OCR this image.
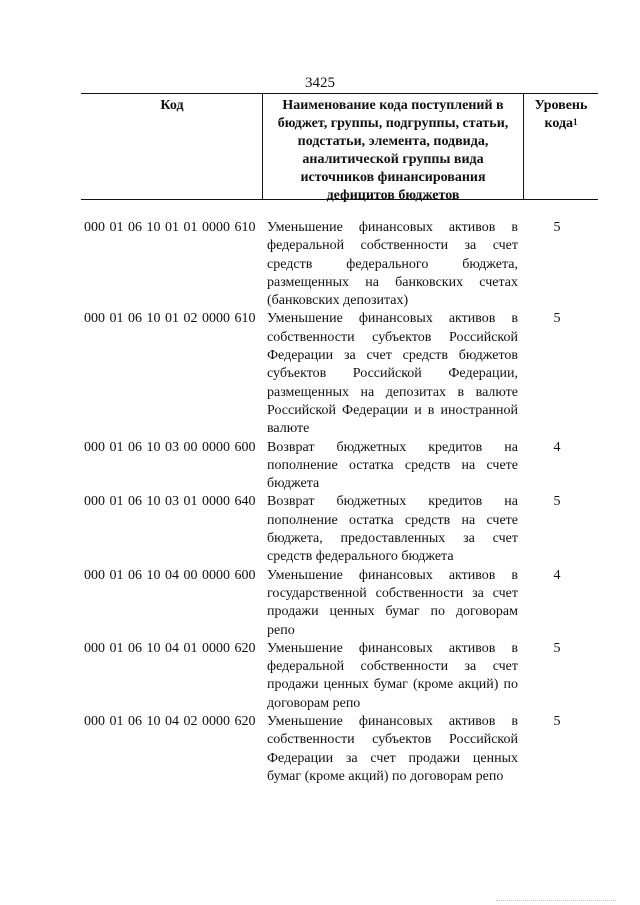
3425
Код	Наименование кода поступлений в бюджет, группы, подгруппы, статьи, подстатьи, элемента, подвида, аналитической группы вида источников финансирования дефицитов бюджетов
Уровень кода$^1$
000 01 06 10 01 01 0000 610 Уменьшение финансовых активов в федеральной собственности за счет средств федерального бюджета, размещенных на банковских счетах (банковских депозитах)
5
000 01 06 10 01 02 0000 610 Уменьшение финансовых активов в собственности субъектов Российской Федерации за счет средств бюджетов субъектов Российской Федерации, размещенных на депозитах в валюте Российской Федерации и в иностранной валюте
5
000 01 06 10 03 00 0000 600 Возврат бюджетных кредитов на пополнение остатка средств на счете бюджета
4
000 01 06 10 03 01 0000 640 Возврат бюджетных кредитов на пополнение остатка средств на счете бюджета, предоставленных за счет средств федерального бюджета
5
000 01 06 10 04 00 0000 600 Уменьшение финансовых активов в государственной собственности за счет продажи ценных бумаг по договорам репо
4
000 01 06 10 04 01 0000 620 Уменьшение финансовых активов в федеральной собственности за счет продажи ценных бумаг (кроме акций) по договорам репо
5
000 01 06 10 04 02 0000 620 Уменьшение финансовых активов в собственности субъектов Российской Федерации за счет продажи ценных бумаг (кроме акций) по договорам репо
5
